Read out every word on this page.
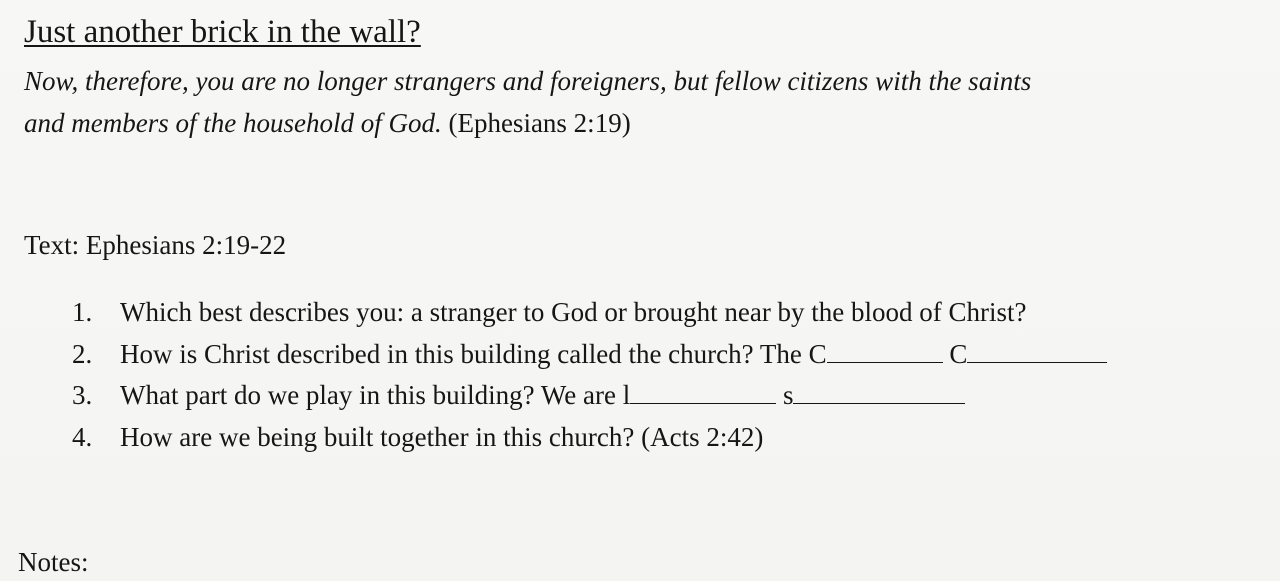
Just another brick in the wall?
Now, therefore, you are no longer strangers and foreigners, but fellow citizens with the saints
and members of the household of God. (Ephesians 2:19)
Text: Ephesians 2:19-22
1. Which best describes you: a stranger to God or brought near by the blood of Christ?
2. How is Christ described in this building called the church? The C	C
3. What part do we play in this building? We are l	s
4. How are we being built together in this church? (Acts 2:42)
Notes:
